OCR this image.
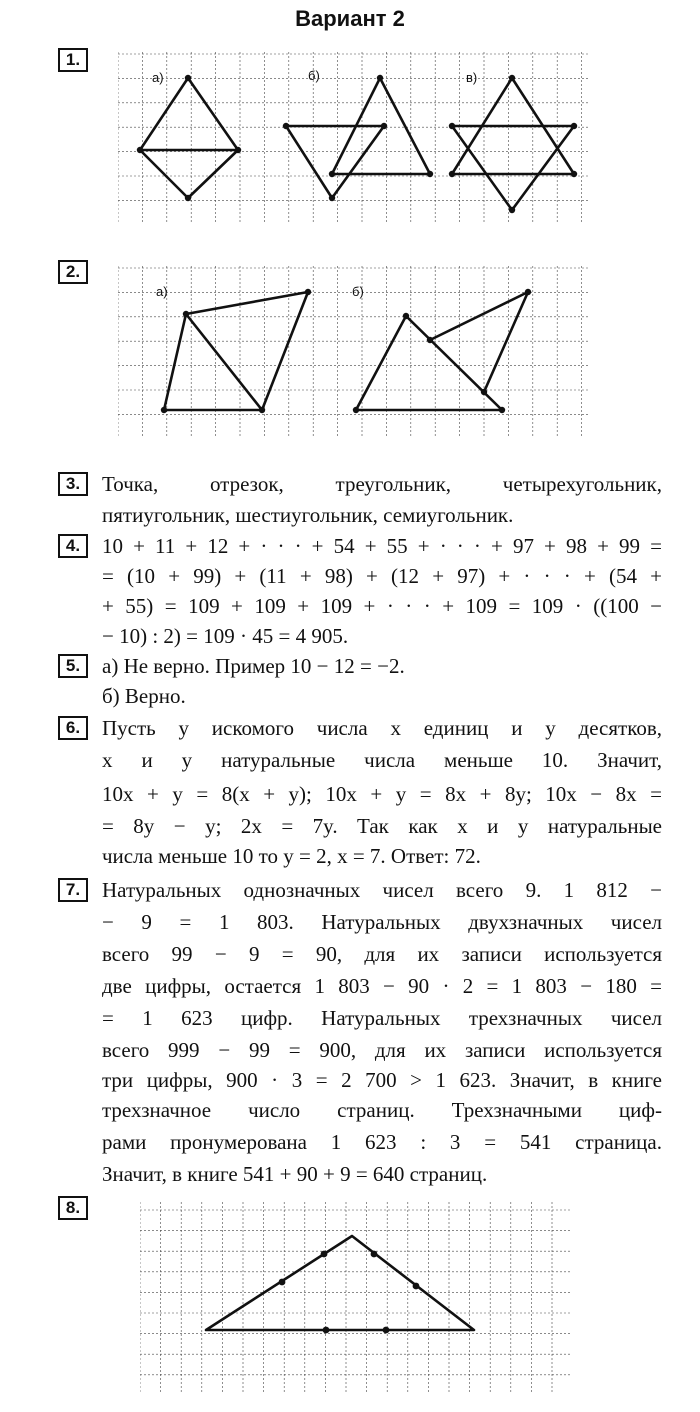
Вариант 2
1.
а)	б)	в)
2.
а)	б)
3.	Точка, отрезок, треугольник, четырехугольник,
пятиугольник, шестиугольник, семиугольник.
4.	10 + 11 + 12 + · · · + 54 + 55 + · · · + 97 + 98 + 99 =
= (10 + 99) + (11 + 98) + (12 + 97) + · · · + (54 +
+ 55) = 109 + 109 + 109 + · · · + 109 = 109 · ((100 −
− 10) : 2) = 109 · 45 = 4 905.
5.	а) Не верно. Пример 10 − 12 = −2.
б) Верно.
6.	Пусть у искомого числа x единиц и y десятков,
x и y натуральные числа меньше 10. Значит,
10x + y = 8(x + y); 10x + y = 8x + 8y; 10x − 8x =
= 8y − y; 2x = 7y. Так как x и y натуральные
числа меньше 10 то y = 2, x = 7. Ответ: 72.
7.	Натуральных однозначных чисел всего 9. 1 812 −
− 9 = 1 803. Натуральных двухзначных чисел
всего 99 − 9 = 90, для их записи используется
две цифры, остается 1 803 − 90 · 2 = 1 803 − 180 =
= 1 623 цифр. Натуральных трехзначных чисел
всего 999 − 99 = 900, для их записи используется
три цифры, 900 · 3 = 2 700 > 1 623. Значит, в книге
трехзначное число страниц. Трехзначными циф-
рами пронумерована 1 623 : 3 = 541 страница.
Значит, в книге 541 + 90 + 9 = 640 страниц.
8.
